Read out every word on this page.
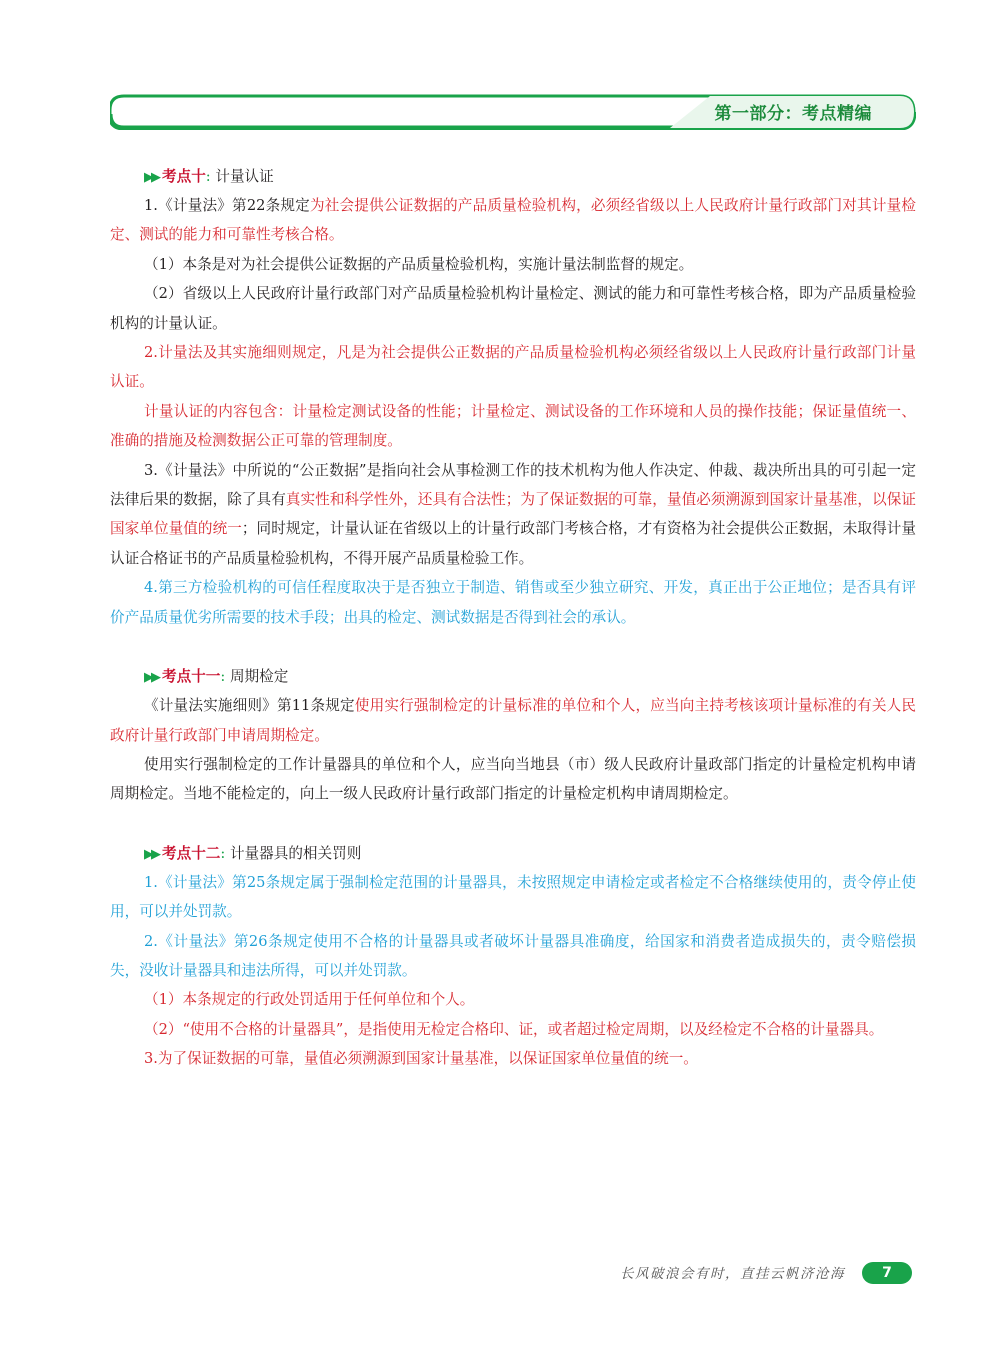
第一部分：考点精编
▶▶ 考点十: 计量认证

1.《计量法》第22条规定为社会提供公证数据的产品质量检验机构，必须经省级以上人民政府计量行政部门对其计量检定、测试的能力和可靠性考核合格。

（1）本条是对为社会提供公证数据的产品质量检验机构，实施计量法制监督的规定。

（2）省级以上人民政府计量行政部门对产品质量检验机构计量检定、测试的能力和可靠性考核合格，即为产品质量检验机构的计量认证。

2.计量法及其实施细则规定，凡是为社会提供公正数据的产品质量检验机构必须经省级以上人民政府计量行政部门计量认证。

计量认证的内容包含：计量检定测试设备的性能；计量检定、测试设备的工作环境和人员的操作技能；保证量值统一、准确的措施及检测数据公正可靠的管理制度。

3.《计量法》中所说的“公正数据”是指向社会从事检测工作的技术机构为他人作决定、仲裁、裁决所出具的可引起一定法律后果的数据，除了具有真实性和科学性外，还具有合法性；为了保证数据的可靠，量值必须溯源到国家计量基准，以保证国家单位量值的统一；同时规定，计量认证在省级以上的计量行政部门考核合格，才有资格为社会提供公正数据，未取得计量认证合格证书的产品质量检验机构，不得开展产品质量检验工作。

4.第三方检验机构的可信任程度取决于是否独立于制造、销售或至少独立研究、开发，真正出于公正地位；是否具有评价产品质量优劣所需要的技术手段；出具的检定、测试数据是否得到社会的承认。

▶▶ 考点十一: 周期检定

《计量法实施细则》第11条规定使用实行强制检定的计量标准的单位和个人，应当向主持考核该项计量标准的有关人民政府计量行政部门申请周期检定。

使用实行强制检定的工作计量器具的单位和个人，应当向当地县（市）级人民政府计量政部门指定的计量检定机构申请周期检定。当地不能检定的，向上一级人民政府计量行政部门指定的计量检定机构申请周期检定。

▶▶ 考点十二: 计量器具的相关罚则

1.《计量法》第25条规定属于强制检定范围的计量器具，未按照规定申请检定或者检定不合格继续使用的，责令停止使用，可以并处罚款。

2.《计量法》第26条规定使用不合格的计量器具或者破坏计量器具准确度，给国家和消费者造成损失的，责令赔偿损失，没收计量器具和违法所得，可以并处罚款。

（1）本条规定的行政处罚适用于任何单位和个人。

（2）“使用不合格的计量器具”，是指使用无检定合格印、证，或者超过检定周期，以及经检定不合格的计量器具。

3.为了保证数据的可靠，量值必须溯源到国家计量基准，以保证国家单位量值的统一。

长风破浪会有时，直挂云帆济沧海	7
